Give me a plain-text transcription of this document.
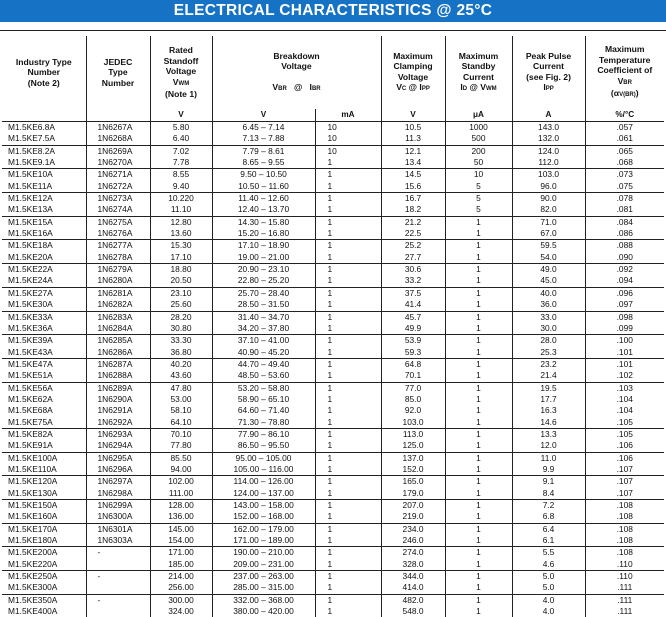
ELECTRICAL CHARACTERISTICS @ 25°C
Industry Type
Number
(Note 2)	JEDEC
Type
Number	Rated
Standoff
Voltage
VWM
(Note 1)	Breakdown
Voltage

VBR @ IBR		Maximum
Clamping
Voltage
VC @ IPP	Maximum
Standby
Current
ID @ VWM	Peak Pulse
Current
(see Fig. 2)
IPP	Maximum
Temperature
Coefficient of
VBR
(αV(BR))
		V	V	mA	V	μA	A	%/°C
M1.5KE6.8A	1N6267A	5.80	6.45 – 7.14	10	10.5	1000	143.0	.057
M1.5KE7.5A	1N6268A	6.40	7.13 – 7.88	10	11.3	500	132.0	.061
M1.5KE8.2A	1N6269A	7.02	7.79 – 8.61	10	12.1	200	124.0	.065
M1.5KE9.1A	1N6270A	7.78	8.65 – 9.55	1	13.4	50	112.0	.068
M1.5KE10A	1N6271A	8.55	9.50 – 10.50	1	14.5	10	103.0	.073
M1.5KE11A	1N6272A	9.40	10.50 – 11.60	1	15.6	5	96.0	.075
M1.5KE12A	1N6273A	10.220	11.40 – 12.60	1	16.7	5	90.0	.078
M1.5KE13A	1N6274A	11.10	12.40 – 13.70	1	18.2	5	82.0	.081
M1.5KE15A	1N6275A	12.80	14.30 – 15.80	1	21.2	1	71.0	.084
M1.5KE16A	1N6276A	13.60	15.20 – 16.80	1	22.5	1	67.0	.086
M1.5KE18A	1N6277A	15.30	17.10 – 18.90	1	25.2	1	59.5	.088
M1.5KE20A	1N6278A	17.10	19.00 – 21.00	1	27.7	1	54.0	.090
M1.5KE22A	1N6279A	18.80	20.90 – 23.10	1	30.6	1	49.0	.092
M1.5KE24A	1N6280A	20.50	22.80 – 25.20	1	33.2	1	45.0	.094
M1.5KE27A	1N6281A	23.10	25.70 – 28.40	1	37.5	1	40.0	.096
M1.5KE30A	1N6282A	25.60	28.50 – 31.50	1	41.4	1	36.0	.097
M1.5KE33A	1N6283A	28.20	31.40 – 34.70	1	45.7	1	33.0	.098
M1.5KE36A	1N6284A	30.80	34.20 – 37.80	1	49.9	1	30.0	.099
M1.5KE39A	1N6285A	33.30	37.10 – 41.00	1	53.9	1	28.0	.100
M1.5KE43A	1N6286A	36.80	40.90 – 45.20	1	59.3	1	25.3	.101
M1.5KE47A	1N6287A	40.20	44.70 – 49.40	1	64.8	1	23.2	.101
M1.5KE51A	1N6288A	43.60	48.50 – 53.60	1	70.1	1	21.4	.102
M1.5KE56A	1N6289A	47.80	53.20 – 58.80	1	77.0	1	19.5	.103
M1.5KE62A	1N6290A	53.00	58.90 – 65.10	1	85.0	1	17.7	.104
M1.5KE68A	1N6291A	58.10	64.60 – 71.40	1	92.0	1	16.3	.104
M1.5KE75A	1N6292A	64.10	71.30 – 78.80	1	103.0	1	14.6	.105
M1.5KE82A	1N6293A	70.10	77.90 – 86.10	1	113.0	1	13.3	.105
M1.5KE91A	1N6294A	77.80	86.50 – 95.50	1	125.0	1	12.0	.106
M1.5KE100A	1N6295A	85.50	95.00 – 105.00	1	137.0	1	11.0	.106
M1.5KE110A	1N6296A	94.00	105.00 – 116.00	1	152.0	1	9.9	.107
M1.5KE120A	1N6297A	102.00	114.00 – 126.00	1	165.0	1	9.1	.107
M1.5KE130A	1N6298A	111.00	124.00 – 137.00	1	179.0	1	8.4	.107
M1.5KE150A	1N6299A	128.00	143.00 – 158.00	1	207.0	1	7.2	.108
M1.5KE160A	1N6300A	136.00	152.00 – 168.00	1	219.0	1	6.8	.108
M1.5KE170A	1N6301A	145.00	162.00 – 179.00	1	234.0	1	6.4	.108
M1.5KE180A	1N6303A	154.00	171.00 – 189.00	1	246.0	1	6.1	.108
M1.5KE200A	-	171.00	190.00 – 210.00	1	274.0	1	5.5	.108
M1.5KE220A		185.00	209.00 – 231.00	1	328.0	1	4.6	.110
M1.5KE250A	-	214.00	237.00 – 263.00	1	344.0	1	5.0	.110
M1.5KE300A		256.00	285.00 – 315.00	1	414.0	1	5.0	.111
M1.5KE350A	-	300.00	332.00 – 368.00	1	482.0	1	4.0	.111
M1.5KE400A		324.00	380.00 – 420.00	1	548.0	1	4.0	.111
